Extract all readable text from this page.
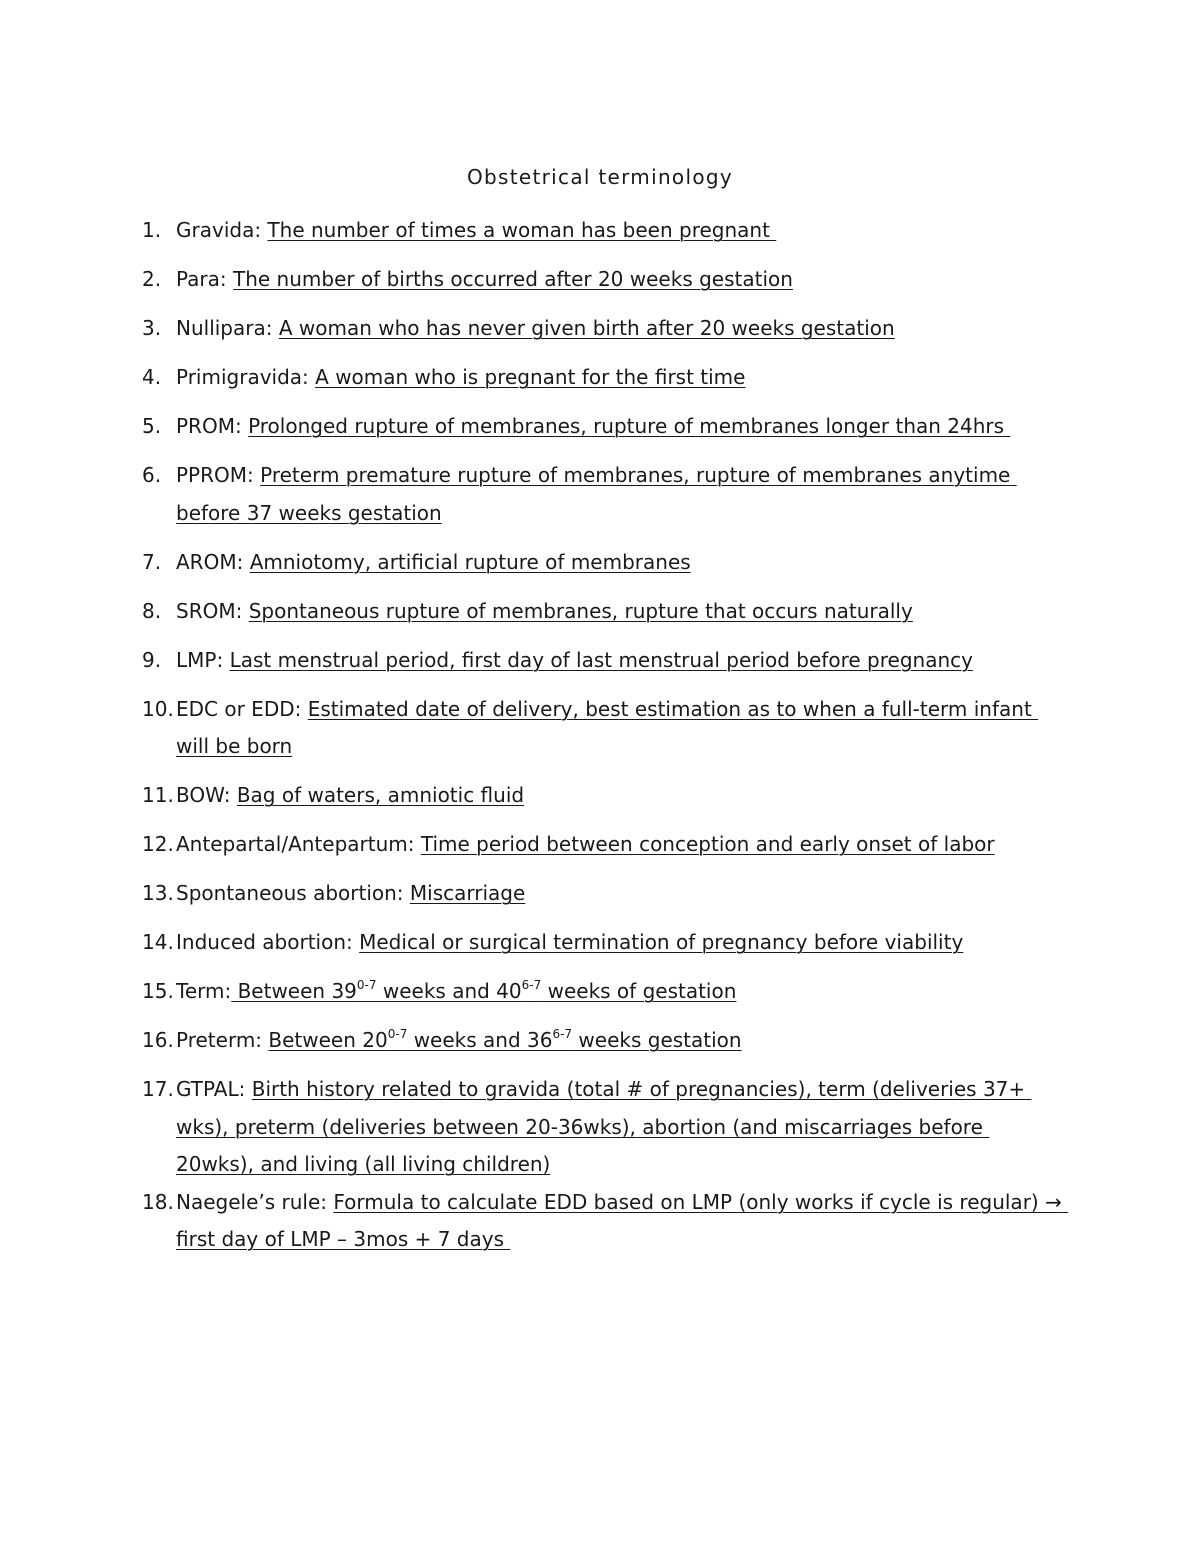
Obstetrical terminology
1. Gravida: The number of times a woman has been pregnant
2. Para: The number of births occurred after 20 weeks gestation
3. Nullipara: A woman who has never given birth after 20 weeks gestation
4. Primigravida: A woman who is pregnant for the first time
5. PROM: Prolonged rupture of membranes, rupture of membranes longer than 24hrs
6. PPROM: Preterm premature rupture of membranes, rupture of membranes anytime before 37 weeks gestation
7. AROM: Amniotomy, artificial rupture of membranes
8. SROM: Spontaneous rupture of membranes, rupture that occurs naturally
9. LMP: Last menstrual period, first day of last menstrual period before pregnancy
10. EDC or EDD: Estimated date of delivery, best estimation as to when a full-term infant will be born
11. BOW: Bag of waters, amniotic fluid
12. Antepartal/Antepartum: Time period between conception and early onset of labor
13. Spontaneous abortion: Miscarriage
14. Induced abortion: Medical or surgical termination of pregnancy before viability
15. Term: Between 39$^{0-7}$ weeks and 40$^{6-7}$ weeks of gestation
16. Preterm: Between 20$^{0-7}$ weeks and 36$^{6-7}$ weeks gestation
17. GTPAL: Birth history related to gravida (total # of pregnancies), term (deliveries 37+ wks), preterm (deliveries between 20-36wks), abortion (and miscarriages before 20wks), and living (all living children)
18. Naegele’s rule: Formula to calculate EDD based on LMP (only works if cycle is regular) → first day of LMP – 3mos + 7 days
